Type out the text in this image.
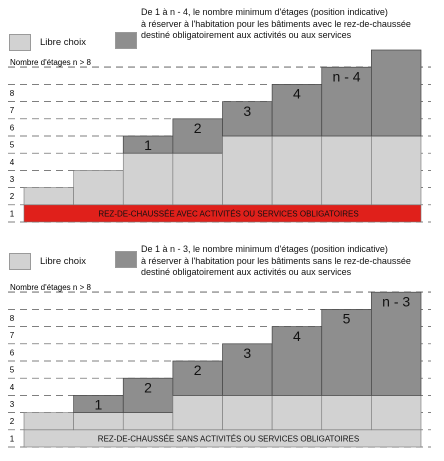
Libre choix
De 1 à n - 4, le nombre minimum d'étages (position indicative)
à réserver à l'habitation pour les bâtiments avec le rez-de-chaussée
destiné obligatoirement aux activités ou aux services
Nombre d'étages n > 8
8
7
6
5
4
3
2
1	REZ-DE-CHAUSSÉE AVEC ACTIVITÉS OU SERVICES OBLIGATOIRES
1
2
3
4
n - 4
Libre choix
De 1 à n - 3, le nombre minimum d'étages (position indicative)
à réserver à l'habitation pour les bâtiments sans le rez-de-chaussée
destiné obligatoirement aux activités ou aux services
Nombre d'étages n > 8
8
7
6
5
4
3
2
1	REZ-DE-CHAUSSÉE SANS ACTIVITÉS OU SERVICES OBLIGATOIRES
1
2
2
3
4
5
n - 3
